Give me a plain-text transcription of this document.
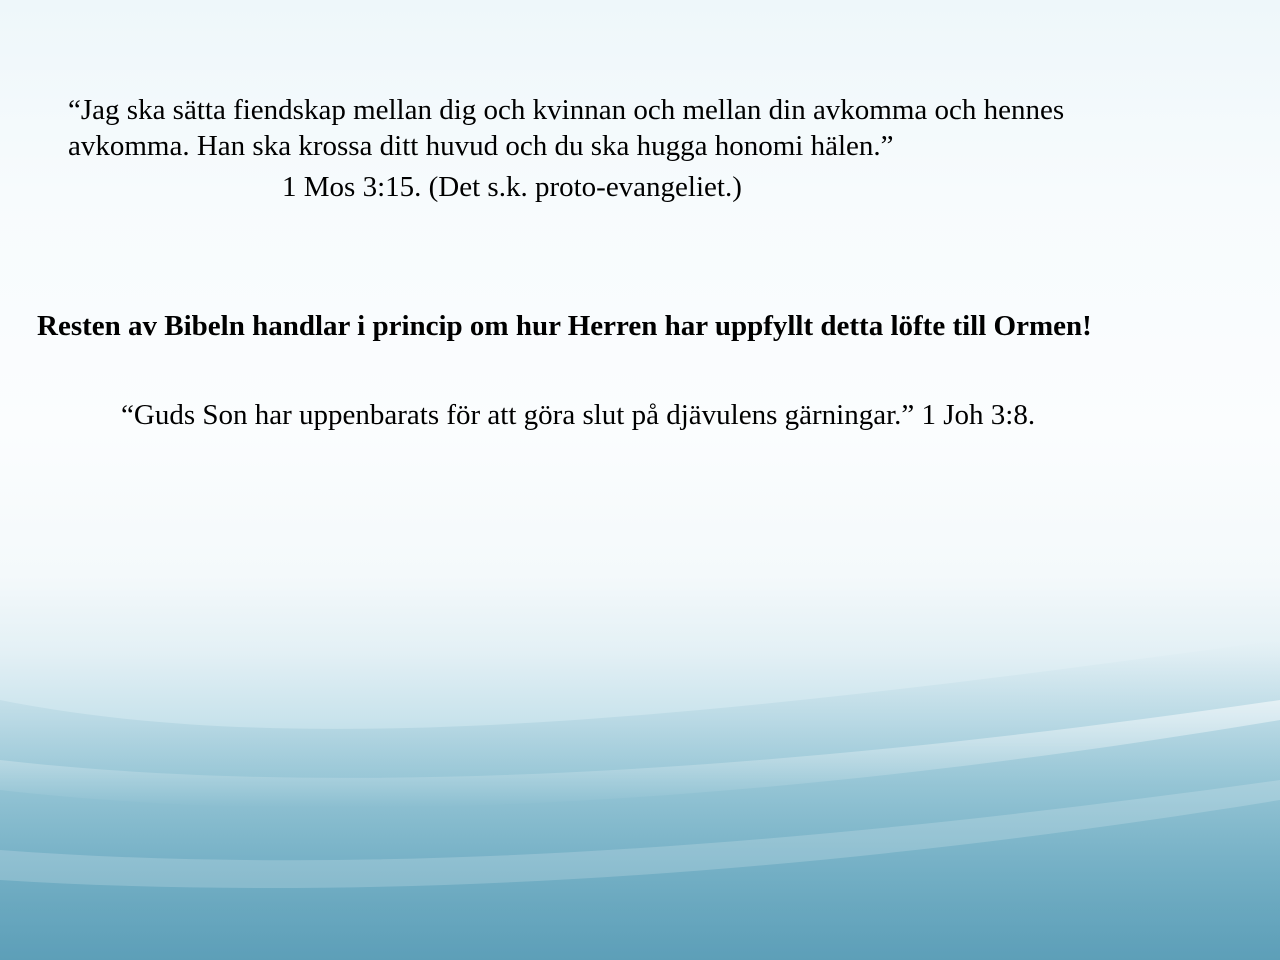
“Jag ska sätta fiendskap mellan dig och kvinnan och mellan din avkomma och hennes
avkomma. Han ska krossa ditt huvud och du ska hugga honomi hälen.”

1 Mos 3:15. (Det s.k. proto-evangeliet.)

Resten av Bibeln handlar i princip om hur Herren har uppfyllt detta löfte till Ormen!

“Guds Son har uppenbarats för att göra slut på djävulens gärningar.” 1 Joh 3:8.
